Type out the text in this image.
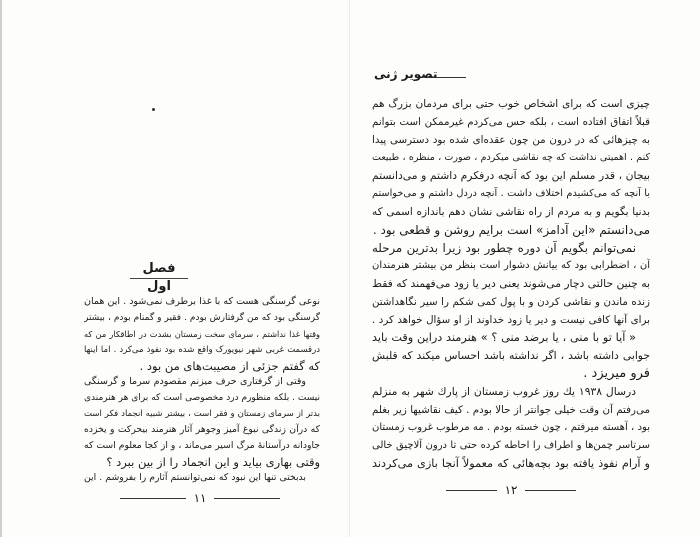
فصل اول
نوعی گرسنگی هست که با غذا برطرف نمی‌شود . این همان
گرسنگی بود که من گرفتارش بودم . فقیر و گمنام بودم ، بیشتر
وقتها غذا نداشتم ، سرمای سخت زمستان بشدت در اطاقکار من که
درقسمت غربی شهر نیویورک واقع شده بود نفوذ می‌کرد . اما اینها
که گفتم جزئی از مصیبت‌های من بود .
وقتی از گرفتاری حرف میزنم مقصودم سرما و گرسنگی
نیست . بلکه منظورم درد مخصوصی است که برای هر هنرمندی
بدتر از سرمای زمستان و فقر است ، بیشتر شبیه انجماد فکر است
که درآن زندگی نبوغ آمیز وجوهر آثار هنرمند بیحرکت و یخزده
جاودانه درآستانهٔ مرگ اسیر می‌ماند ، و از کجا معلوم است که
وقتی بهاری بیاید و این انجماد را از بین ببرد ؟
بدبختی تنها این نبود که نمی‌توانستم آثارم را بفروشم . این
۱۱
تصویر ژنی
چیزی است که برای اشخاص خوب حتی برای مردمان بزرگ هم
قبلاً اتفاق افتاده است ، بلکه حس می‌کردم غیرممکن است بتوانم
به چیزهائی که در درون من چون عقده‌ای شده بود دسترسی پیدا
کنم . اهمیتی نداشت که چه نقاشی میکردم ، صورت ، منظره ، طبیعت
بیجان ، قدر مسلم این بود که آنچه درفکرم داشتم و می‌دانستم
با آنچه که می‌کشیدم اختلاف داشت . آنچه دردل داشتم و می‌خواستم
بدنیا بگویم و به مردم از راه نقاشی نشان دهم باندازه اسمی که
می‌دانستم «این آدامز» است برایم روشن و قطعی بود .
نمی‌توانم بگویم آن دوره چطور بود زیرا بدترین مرحله
آن ، اضطرابی بود که بیانش دشوار است بنظر من بیشتر هنرمندان
به چنین حالتی دچار می‌شوند یعنی دیر یا زود می‌فهمند که فقط
زنده ماندن و نقاشی کردن و با پول کمی شکم را سیر نگاهداشتن
برای آنها کافی نیست و دیر یا زود خداوند از او سؤال خواهد کرد .
« آیا تو با منی ، یا برضد منی ؟ » هنرمند دراین وقت باید
جوابی داشته باشد ، اگر نداشته باشد احساس میکند که قلبش
فرو میریزد .
درسال ۱۹۳۸ یك روز غروب زمستان از پارك شهر به منزلم
می‌رفتم آن وقت خیلی جوانتر از حالا بودم . کیف نقاشیها زیر بغلم
بود ، آهسته میرفتم ، چون خسته بودم . مه مرطوب غروب زمستان
سرتاسر چمن‌ها و اطراف را احاطه کرده حتی تا درون آلاچیق خالی
و آرام نفوذ یافته بود بچه‌هائی که معمولاً آنجا بازی می‌کردند
۱۲
